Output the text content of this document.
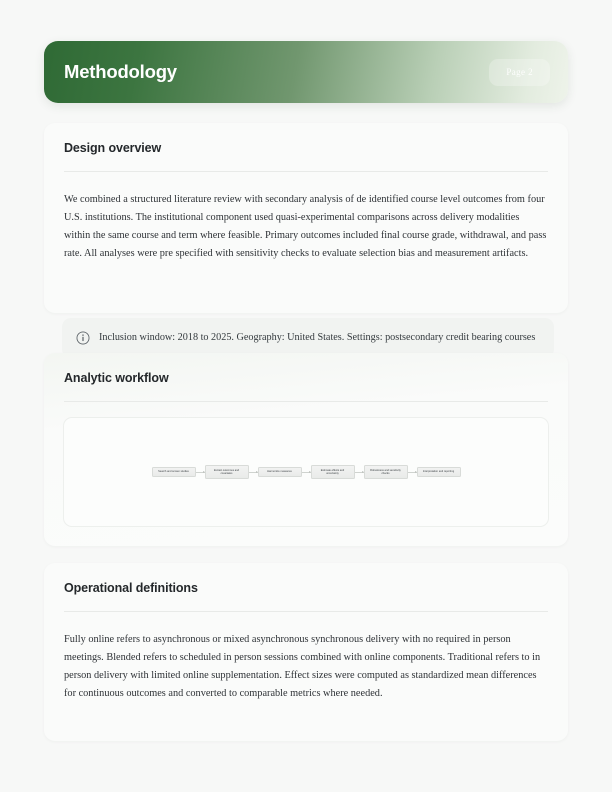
Methodology	Page 2
Design overview

We combined a structured literature review with secondary analysis of de identified course level outcomes from four U.S. institutions. The institutional component used quasi-experimental comparisons across delivery modalities within the same course and term where feasible. Primary outcomes included final course grade, withdrawal, and pass rate. All analyses were pre specified with sensitivity checks to evaluate selection bias and measurement artifacts.

Inclusion window: 2018 to 2025. Geography: United States. Settings: postsecondary credit bearing courses
Analytic workflow
Search and screen studies
Extract outcomes and covariates
Harmonize measures
Estimate effects and uncertainty
Robustness and sensitivity checks
Interpretation and reporting
Operational definitions

Fully online refers to asynchronous or mixed asynchronous synchronous delivery with no required in person meetings. Blended refers to scheduled in person sessions combined with online components. Traditional refers to in person delivery with limited online supplementation. Effect sizes were computed as standardized mean differences for continuous outcomes and converted to comparable metrics where needed.
